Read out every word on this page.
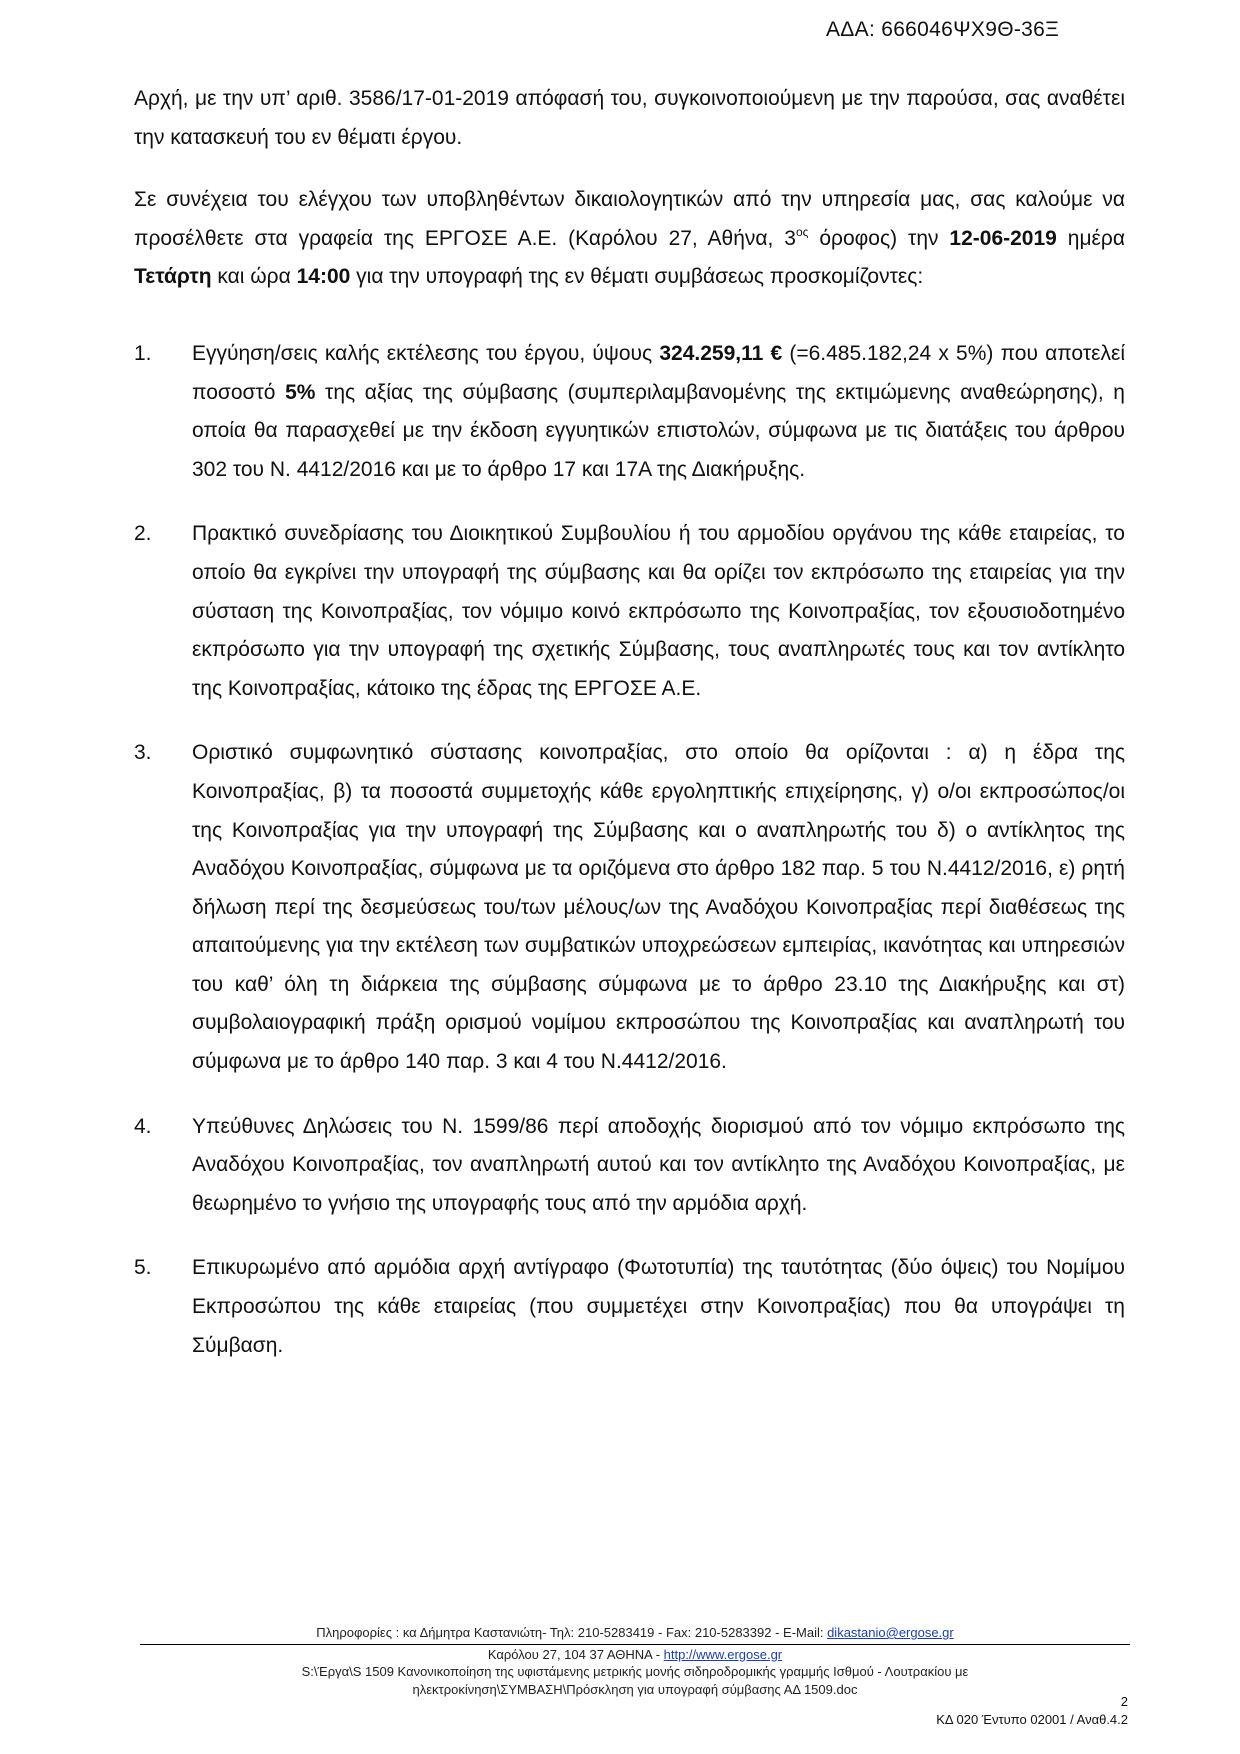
ΑΔΑ: 666046ΨΧ9Θ-36Ξ

Αρχή, με την υπ’ αριθ. 3586/17-01-2019 απόφασή του, συγκοινοποιούμενη με την παρούσα, σας αναθέτει την κατασκευή του εν θέματι έργου.

Σε συνέχεια του ελέγχου των υποβληθέντων δικαιολογητικών από την υπηρεσία μας, σας καλούμε να προσέλθετε στα γραφεία της ΕΡΓΟΣΕ Α.Ε. (Καρόλου 27, Αθήνα, $3^{o\varsigma}$ όροφος) την 12-06-2019 ημέρα Τετάρτη και ώρα 14:00 για την υπογραφή της εν θέματι συμβάσεως προσκομίζοντες:

1. Εγγύηση/σεις καλής εκτέλεσης του έργου, ύψους 324.259,11 € (=6.485.182,24 x 5%) που αποτελεί ποσοστό 5% της αξίας της σύμβασης (συμπεριλαμβανομένης της εκτιμώμενης αναθεώρησης), η οποία θα παρασχεθεί με την έκδοση εγγυητικών επιστολών, σύμφωνα με τις διατάξεις του άρθρου 302 του Ν. 4412/2016 και με το άρθρο 17 και 17Α της Διακήρυξης.
2. Πρακτικό συνεδρίασης του Διοικητικού Συμβουλίου ή του αρμοδίου οργάνου της κάθε εταιρείας, το οποίο θα εγκρίνει την υπογραφή της σύμβασης και θα ορίζει τον εκπρόσωπο της εταιρείας για την σύσταση της Κοινοπραξίας, τον νόμιμο κοινό εκπρόσωπο της Κοινοπραξίας, τον εξουσιοδοτημένο εκπρόσωπο για την υπογραφή της σχετικής Σύμβασης, τους αναπληρωτές τους και τον αντίκλητο της Κοινοπραξίας, κάτοικο της έδρας της ΕΡΓΟΣΕ Α.Ε.
3. Οριστικό συμφωνητικό σύστασης κοινοπραξίας, στο οποίο θα ορίζονται : α) η έδρα της Κοινοπραξίας, β) τα ποσοστά συμμετοχής κάθε εργοληπτικής επιχείρησης, γ) ο/οι εκπροσώπος/οι της Κοινοπραξίας για την υπογραφή της Σύμβασης και ο αναπληρωτής του δ) ο αντίκλητος της Αναδόχου Κοινοπραξίας, σύμφωνα με τα οριζόμενα στο άρθρο 182 παρ. 5 του Ν.4412/2016, ε) ρητή δήλωση περί της δεσμεύσεως του/των μέλους/ων της Αναδόχου Κοινοπραξίας περί διαθέσεως της απαιτούμενης για την εκτέλεση των συμβατικών υποχρεώσεων εμπειρίας, ικανότητας και υπηρεσιών του καθ’ όλη τη διάρκεια της σύμβασης σύμφωνα με το άρθρο 23.10 της Διακήρυξης και στ) συμβολαιογραφική πράξη ορισμού νομίμου εκπροσώπου της Κοινοπραξίας και αναπληρωτή του σύμφωνα με το άρθρο 140 παρ. 3 και 4 του Ν.4412/2016.
4. Υπεύθυνες Δηλώσεις του Ν. 1599/86 περί αποδοχής διορισμού από τον νόμιμο εκπρόσωπο της Αναδόχου Κοινοπραξίας, τον αναπληρωτή αυτού και τον αντίκλητο της Αναδόχου Κοινοπραξίας, με θεωρημένο το γνήσιο της υπογραφής τους από την αρμόδια αρχή.
5. Επικυρωμένο από αρμόδια αρχή αντίγραφο (Φωτοτυπία) της ταυτότητας (δύο όψεις) του Νομίμου Εκπροσώπου της κάθε εταιρείας (που συμμετέχει στην Κοινοπραξίας) που θα υπογράψει τη Σύμβαση.
Πληροφορίες : κα Δήμητρα Καστανιώτη- Τηλ: 210-5283419 - Fax: 210-5283392 - E-Mail: dikastanio@ergose.gr
Καρόλου 27, 104 37 ΑΘΗΝΑ - http://www.ergose.gr
S:\Έργα\S 1509 Κανονικοποίηση της υφιστάμενης μετρικής μονής σιδηροδρομικής γραμμής Ισθμού - Λουτρακίου με
ηλεκτροκίνηση\ΣΥΜΒΑΣΗ\Πρόσκληση για υπογραφή σύμβασης ΑΔ 1509.doc
2
ΚΔ 020 Έντυπο 02001 / Αναθ.4.2
